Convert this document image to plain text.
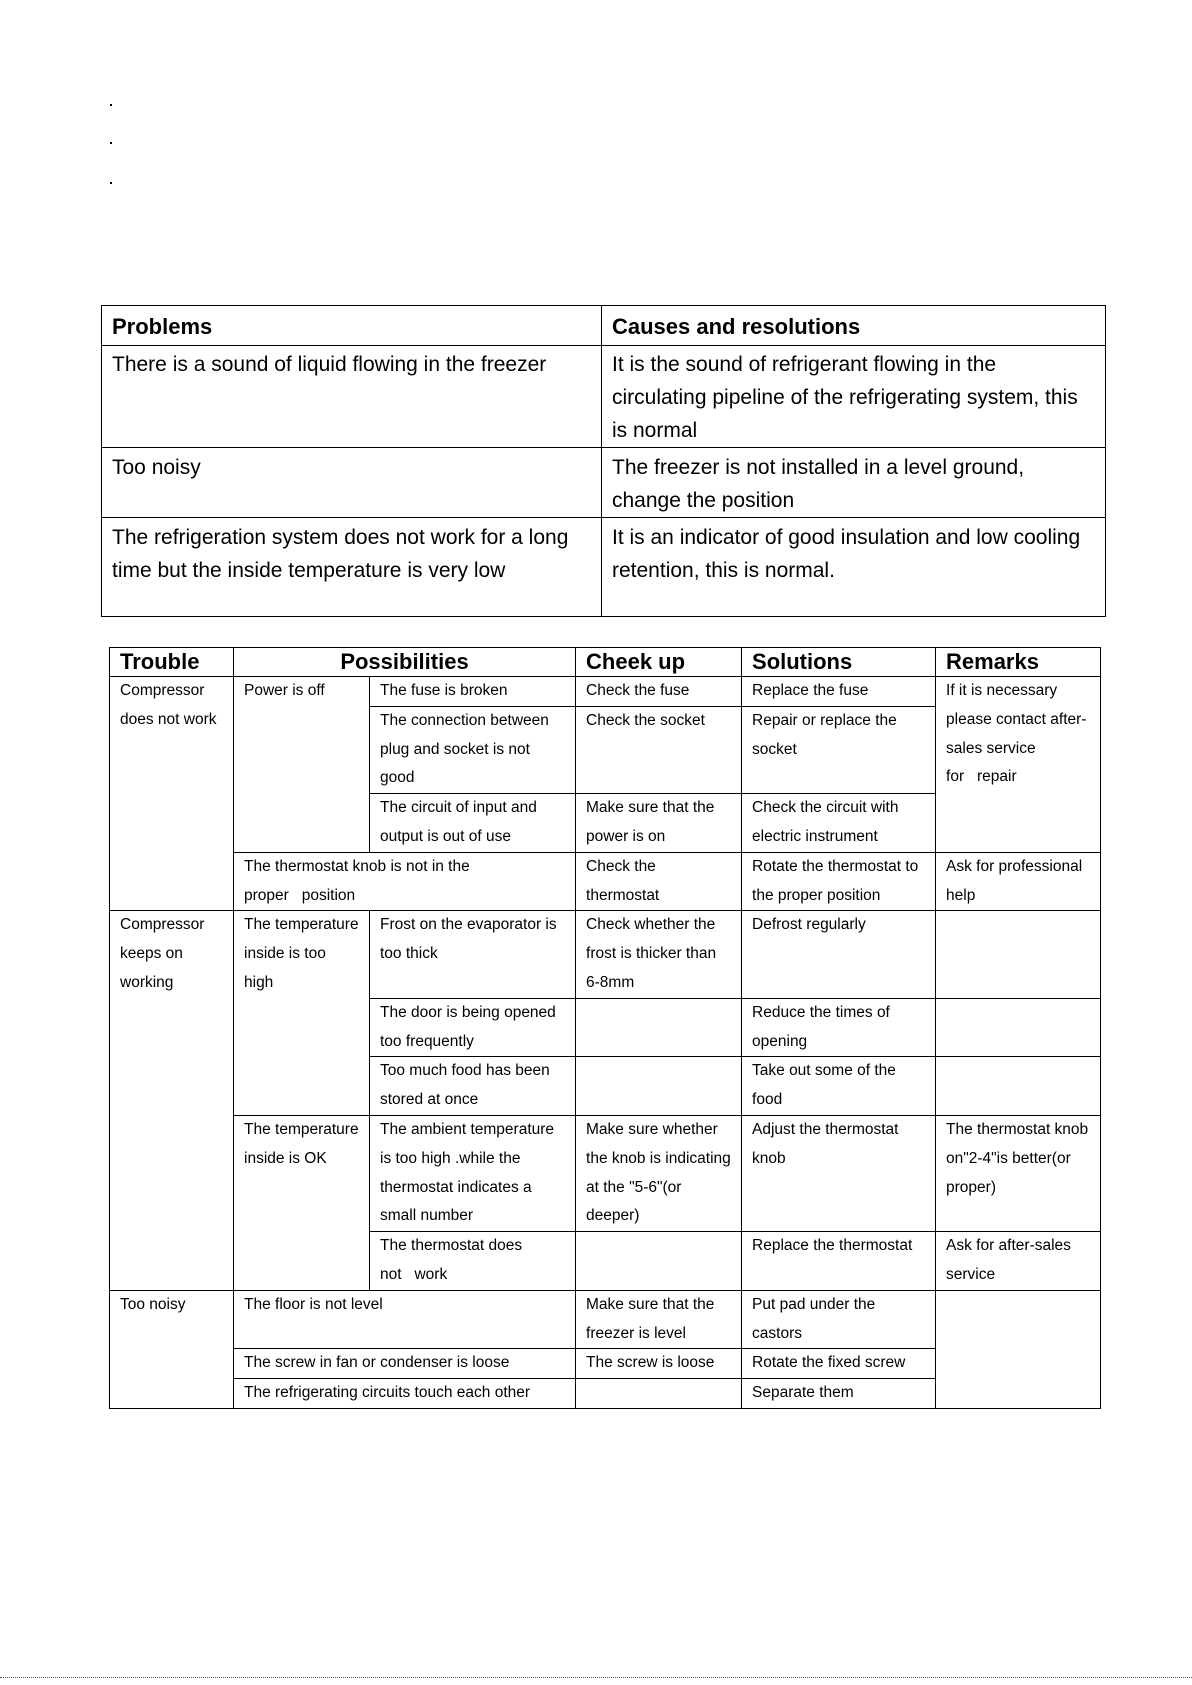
Problems	Causes and resolutions
There is a sound of liquid flowing in the freezer	It is the sound of refrigerant flowing in the circulating pipeline of the refrigerating system, this is normal
Too noisy	The freezer is not installed in a level ground, change the position
The refrigeration system does not work for a long time but the inside temperature is very low	It is an indicator of good insulation and low cooling retention, this is normal.
Trouble	Possibilities		Cheek up	Solutions	Remarks
Compressor does not work	Power is off	The fuse is broken	Check the fuse	Replace the fuse	If it is necessary please contact after-sales service for   repair
		The connection between plug and socket is not good	Check the socket	Repair or replace the socket	
		The circuit of input and output is out of use	Make sure that the power is on	Check the circuit with electric instrument	
	The thermostat knob is not in the proper   position		Check the thermostat	Rotate the thermostat to the proper position	Ask for professional help
Compressor keeps on working	The temperature inside is too high	Frost on the evaporator is too thick	Check whether the frost is thicker than 6-8mm	Defrost regularly	
		The door is being opened too frequently		Reduce the times of opening	
		Too much food has been stored at once		Take out some of the food	
	The temperature inside is OK	The ambient temperature is too high .while the thermostat indicates a small number	Make sure whether the knob is indicating at the "5-6"(or deeper)	Adjust the thermostat knob	The thermostat knob on"2-4"is better(or proper)
		The thermostat does not   work		Replace the thermostat	Ask for after-sales service
Too noisy	The floor is not level		Make sure that the freezer is level	Put pad under the castors	
	The screw in fan or condenser is loose		The screw is loose	Rotate the fixed screw	
	The refrigerating circuits touch each other			Separate them	
